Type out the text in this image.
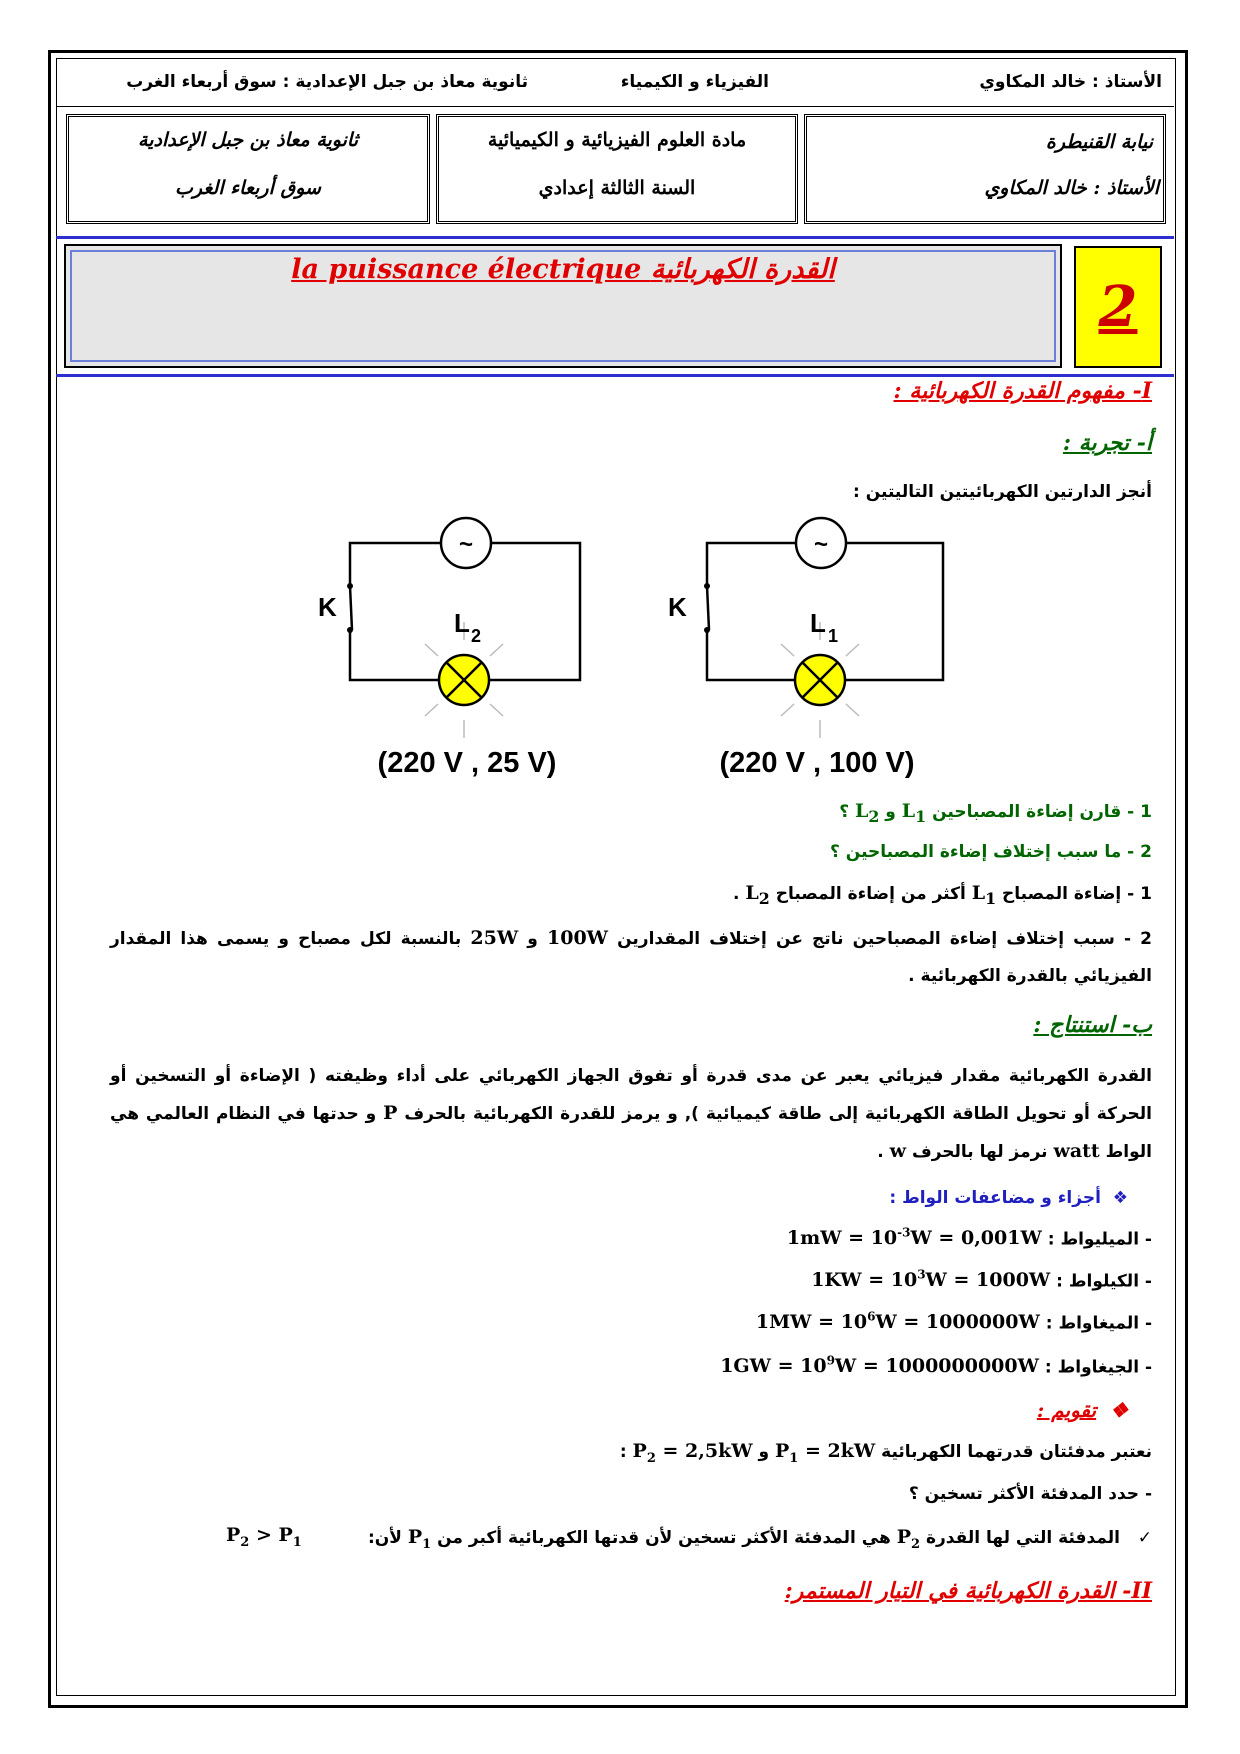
الأستاذ : خالد المكاوي
الفيزياء و الكيمياء
ثانوية معاذ بن جبل الإعدادية : سوق أربعاء الغرب
نيابة القنيطرة
الأستاذ : خالد المكاوي
مادة العلوم الفيزيائية و الكيميائية
السنة الثالثة إعدادي
ثانوية معاذ بن جبل الإعدادية
سوق أربعاء الغرب
la puissance électrique القدرة الكهربائية
2
I- مفهوم القدرة الكهربائية :
أ- تجربة :
أنجز الدارتين الكهربائيتين التاليتين :
~
K
L 2
(220 V , 25 V)
~
K
L 1
(220 V , 100 V)
1 - قارن إضاءة المصباحين $L_1$ و $L_2$ ؟
2 - ما سبب إختلاف إضاءة المصباحين ؟
1 - إضاءة المصباح $L_1$ أكثر من إضاءة المصباح $L_2$ .
2 - سبب إختلاف إضاءة المصباحين ناتج عن إختلاف المقدارين 100W و 25W بالنسبة لكل مصباح و يسمى هذا المقدار الفيزيائي بالقدرة الكهربائية .
ب- استنتاج :
القدرة الكهربائية مقدار فيزيائي يعبر عن مدى قدرة أو تفوق الجهاز الكهربائي على أداء وظيفته ( الإضاءة أو التسخين أو الحركة أو تحويل الطاقة الكهربائية إلى طاقة كيميائية ), و يرمز للقدرة الكهربائية بالحرف P و حدتها في النظام العالمي هي الواط watt نرمز لها بالحرف w .
❖  أجزاء و مضاعفات الواط :
- الميليواط : $1mW = 10^{-3}W = 0,001W$
- الكيلواط : $1KW = 10^3W = 1000W$
- الميغاواط : $1MW = 10^6W = 1000000W$
- الجيغاواط : $1GW = 10^9W = 1000000000W$
❖  تقويم :
نعتبر مدفئتان قدرتهما الكهربائية $P_1 = 2kW$ و $P_2 = 2,5kW$ :
- حدد المدفئة الأكثر تسخين ؟
✓   المدفئة التي لها القدرة $P_2$ هي المدفئة الأكثر تسخين لأن قدتها الكهربائية أكبر من $P_1$ لأن:
$P_2 > P_1$
II- القدرة الكهربائية في التيار المستمر:
